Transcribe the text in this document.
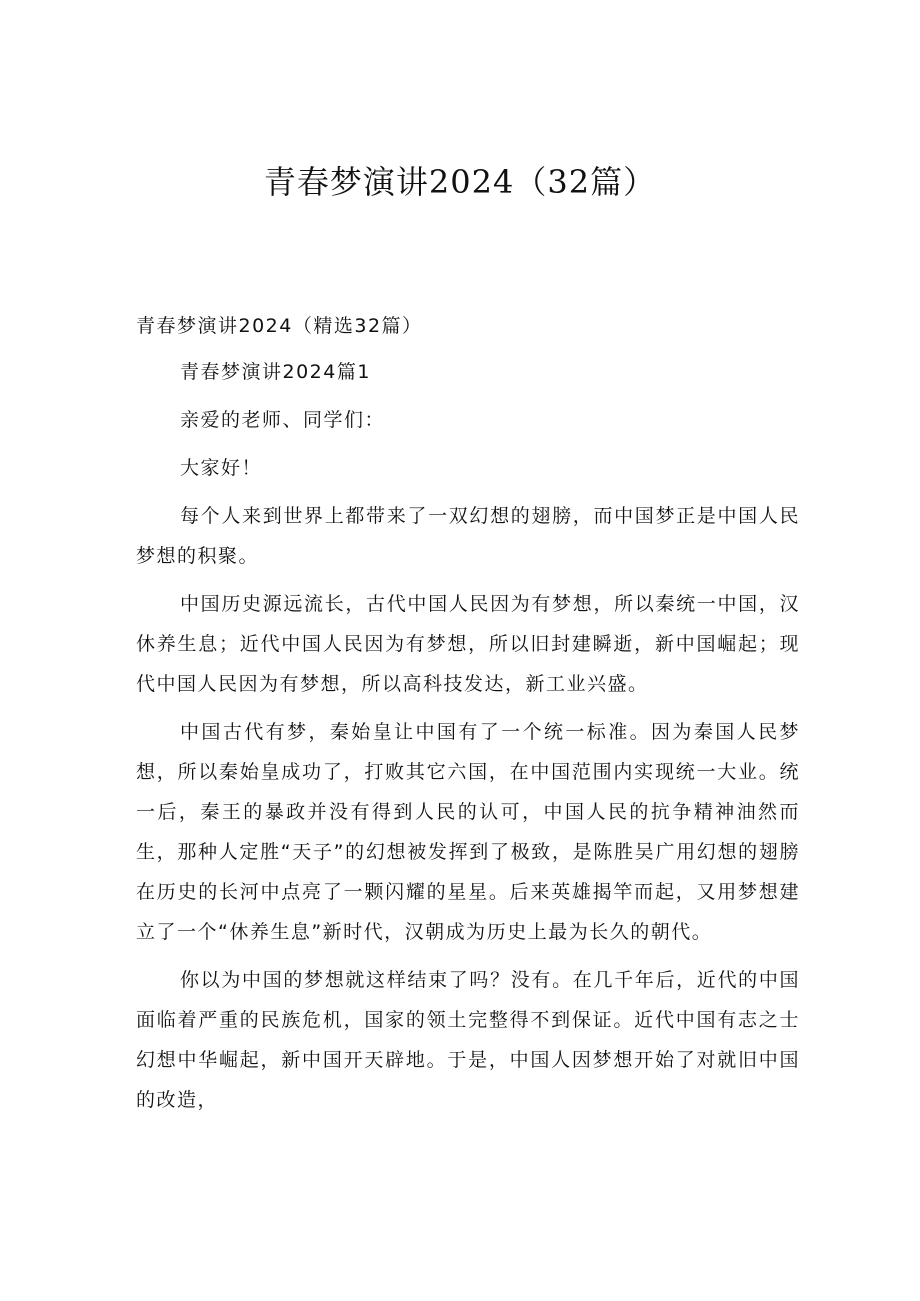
青春梦演讲2024（32篇）

青春梦演讲2024（精选32篇）

青春梦演讲2024篇1

亲爱的老师、同学们：

大家好！

每个人来到世界上都带来了一双幻想的翅膀，而中国梦正是中国人民梦想的积聚。

中国历史源远流长，古代中国人民因为有梦想，所以秦统一中国，汉休养生息；近代中国人民因为有梦想，所以旧封建瞬逝，新中国崛起；现代中国人民因为有梦想，所以高科技发达，新工业兴盛。

中国古代有梦，秦始皇让中国有了一个统一标准。因为秦国人民梦想，所以秦始皇成功了，打败其它六国，在中国范围内实现统一大业。统一后，秦王的暴政并没有得到人民的认可，中国人民的抗争精神油然而生，那种人定胜“天子”的幻想被发挥到了极致，是陈胜吴广用幻想的翅膀在历史的长河中点亮了一颗闪耀的星星。后来英雄揭竿而起，又用梦想建立了一个“休养生息”新时代，汉朝成为历史上最为长久的朝代。

你以为中国的梦想就这样结束了吗？没有。在几千年后，近代的中国面临着严重的民族危机，国家的领土完整得不到保证。近代中国有志之士幻想中华崛起，新中国开天辟地。于是，中国人因梦想开始了对就旧中国的改造，
